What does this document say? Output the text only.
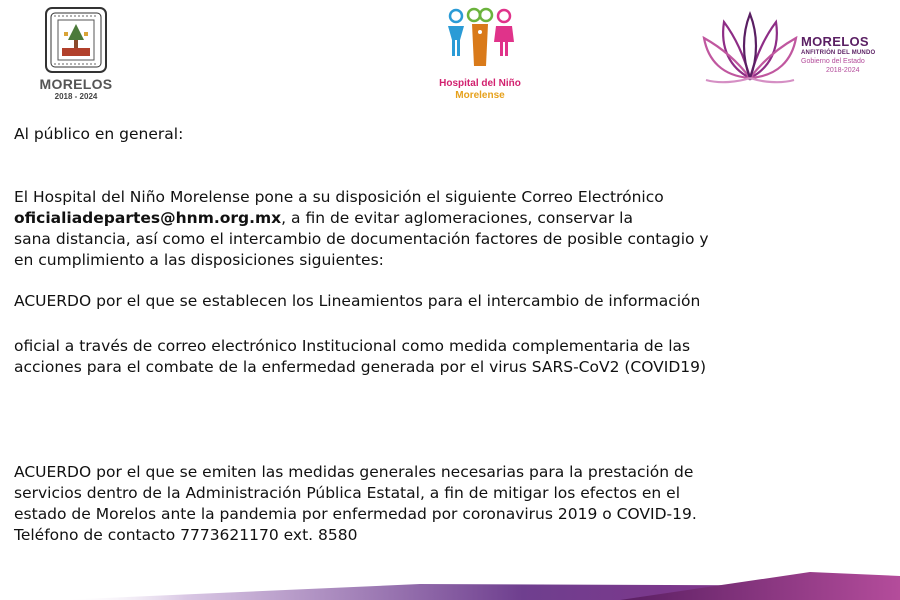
MORELOS
2018 - 2024
Hospital del Niño
Morelense
MORELOS
ANFITRIÓN DEL MUNDO
Gobierno del Estado
2018-2024

Al público en general:

El Hospital del Niño Morelense pone a su disposición el siguiente Correo Electrónico

oficialiadepartes@hnm.org.mx, a fin de evitar aglomeraciones, conservar la

sana distancia, así como el intercambio de documentación factores de posible contagio y

en cumplimiento a las disposiciones siguientes:

ACUERDO por el que se establecen los Lineamientos para el intercambio de información

oficial a través de correo electrónico Institucional como medida complementaria de las

acciones para el combate de la enfermedad generada por el virus SARS-CoV2 (COVID19)

ACUERDO por el que se emiten las medidas generales necesarias para la prestación de

servicios dentro de la Administración Pública Estatal, a fin de mitigar los efectos en el

estado de Morelos ante la pandemia por enfermedad por coronavirus 2019 o COVID-19.

Teléfono de contacto 7773621170 ext. 8580
